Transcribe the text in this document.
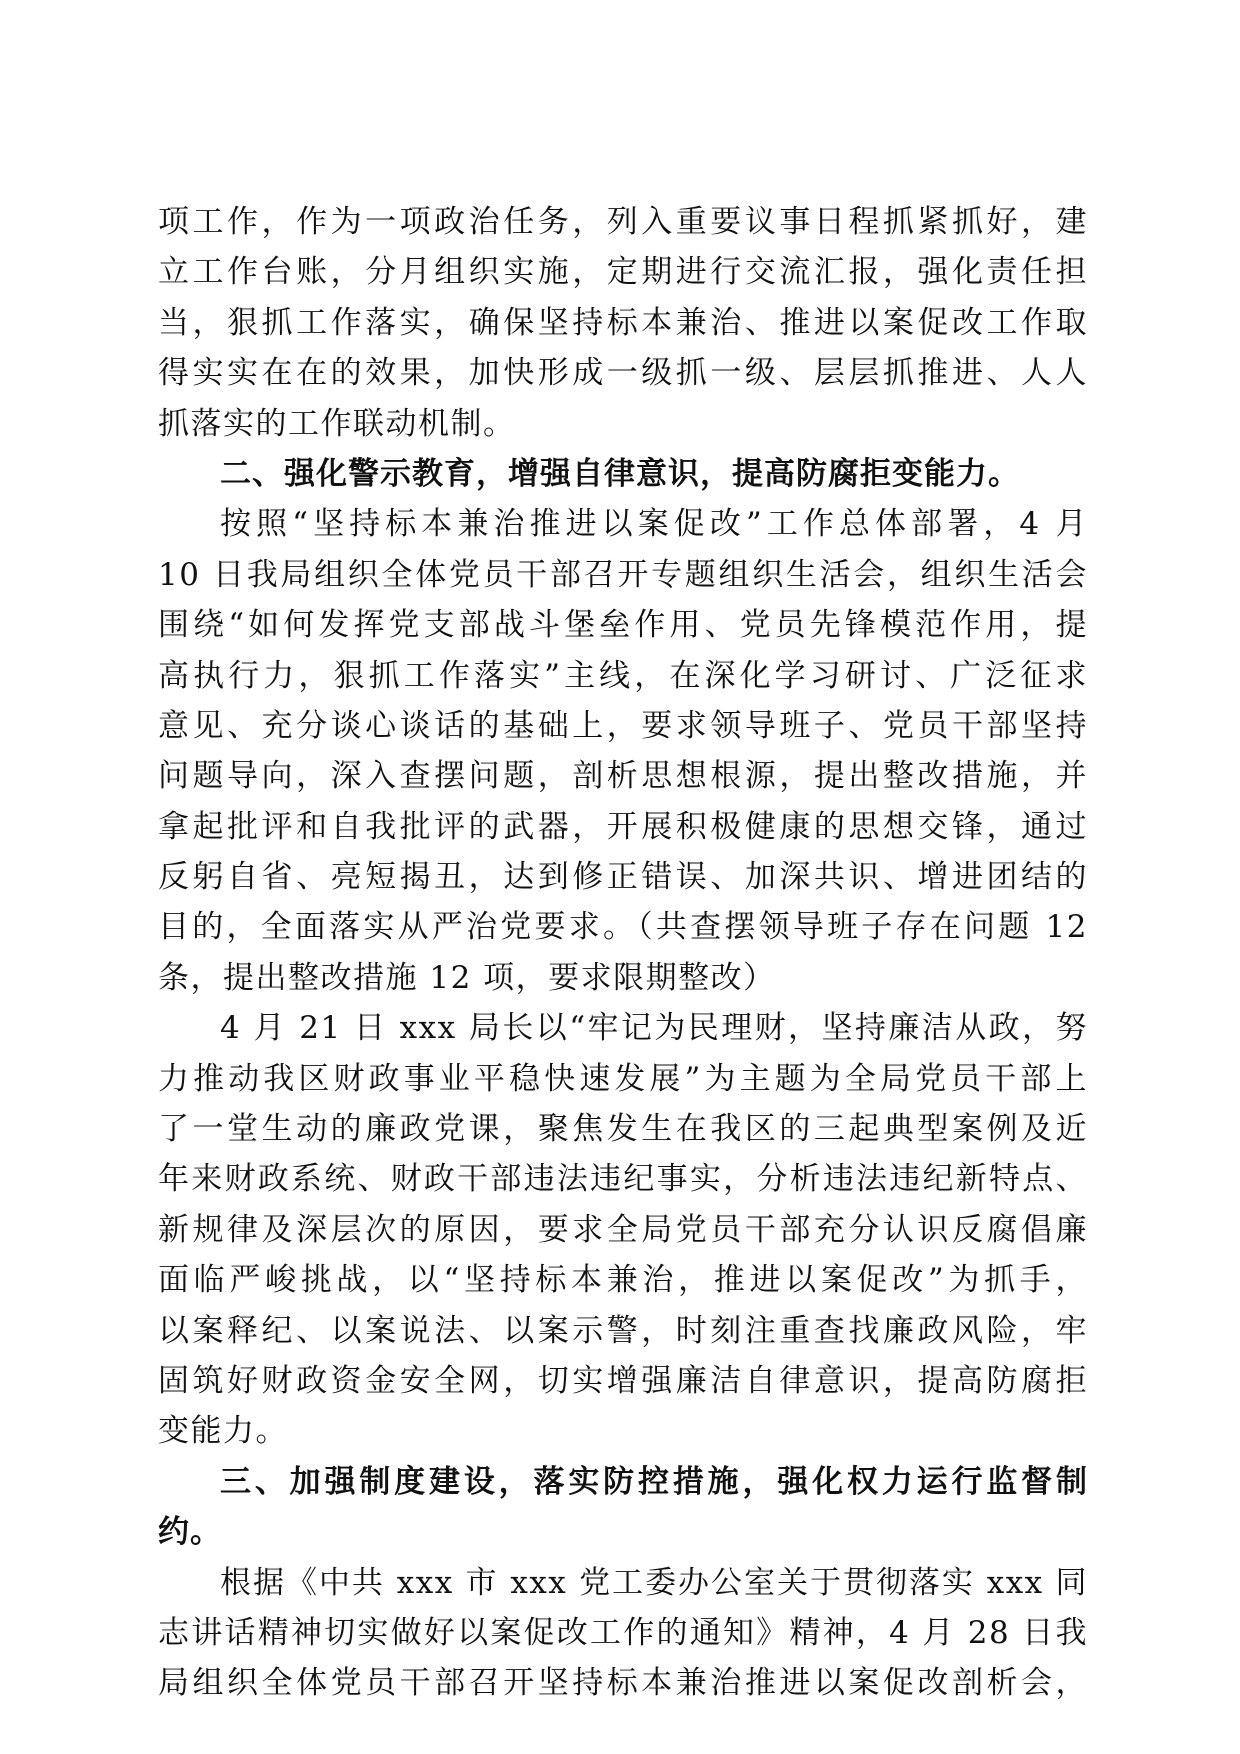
项工作，作为一项政治任务，列入重要议事日程抓紧抓好，建
立工作台账，分月组织实施，定期进行交流汇报，强化责任担
当，狠抓工作落实，确保坚持标本兼治、推进以案促改工作取
得实实在在的效果，加快形成一级抓一级、层层抓推进、人人
抓落实的工作联动机制。
二、强化警示教育，增强自律意识，提高防腐拒变能力。
按照“坚持标本兼治推进以案促改”工作总体部署，4 月
10 日我局组织全体党员干部召开专题组织生活会，组织生活会
围绕“如何发挥党支部战斗堡垒作用、党员先锋模范作用，提
高执行力，狠抓工作落实”主线，在深化学习研讨、广泛征求
意见、充分谈心谈话的基础上，要求领导班子、党员干部坚持
问题导向，深入查摆问题，剖析思想根源，提出整改措施，并
拿起批评和自我批评的武器，开展积极健康的思想交锋，通过
反躬自省、亮短揭丑，达到修正错误、加深共识、增进团结的
目的，全面落实从严治党要求。（共查摆领导班子存在问题 12
条，提出整改措施 12 项，要求限期整改）
4 月 21 日 xxx 局长以“牢记为民理财，坚持廉洁从政，努
力推动我区财政事业平稳快速发展”为主题为全局党员干部上
了一堂生动的廉政党课，聚焦发生在我区的三起典型案例及近
年来财政系统、财政干部违法违纪事实，分析违法违纪新特点、
新规律及深层次的原因，要求全局党员干部充分认识反腐倡廉
面临严峻挑战，以“坚持标本兼治，推进以案促改”为抓手，
以案释纪、以案说法、以案示警，时刻注重查找廉政风险，牢
固筑好财政资金安全网，切实增强廉洁自律意识，提高防腐拒
变能力。
三、加强制度建设，落实防控措施，强化权力运行监督制
约。
根据《中共 xxx 市 xxx 党工委办公室关于贯彻落实 xxx 同
志讲话精神切实做好以案促改工作的通知》精神，4 月 28 日我
局组织全体党员干部召开坚持标本兼治推进以案促改剖析会，
